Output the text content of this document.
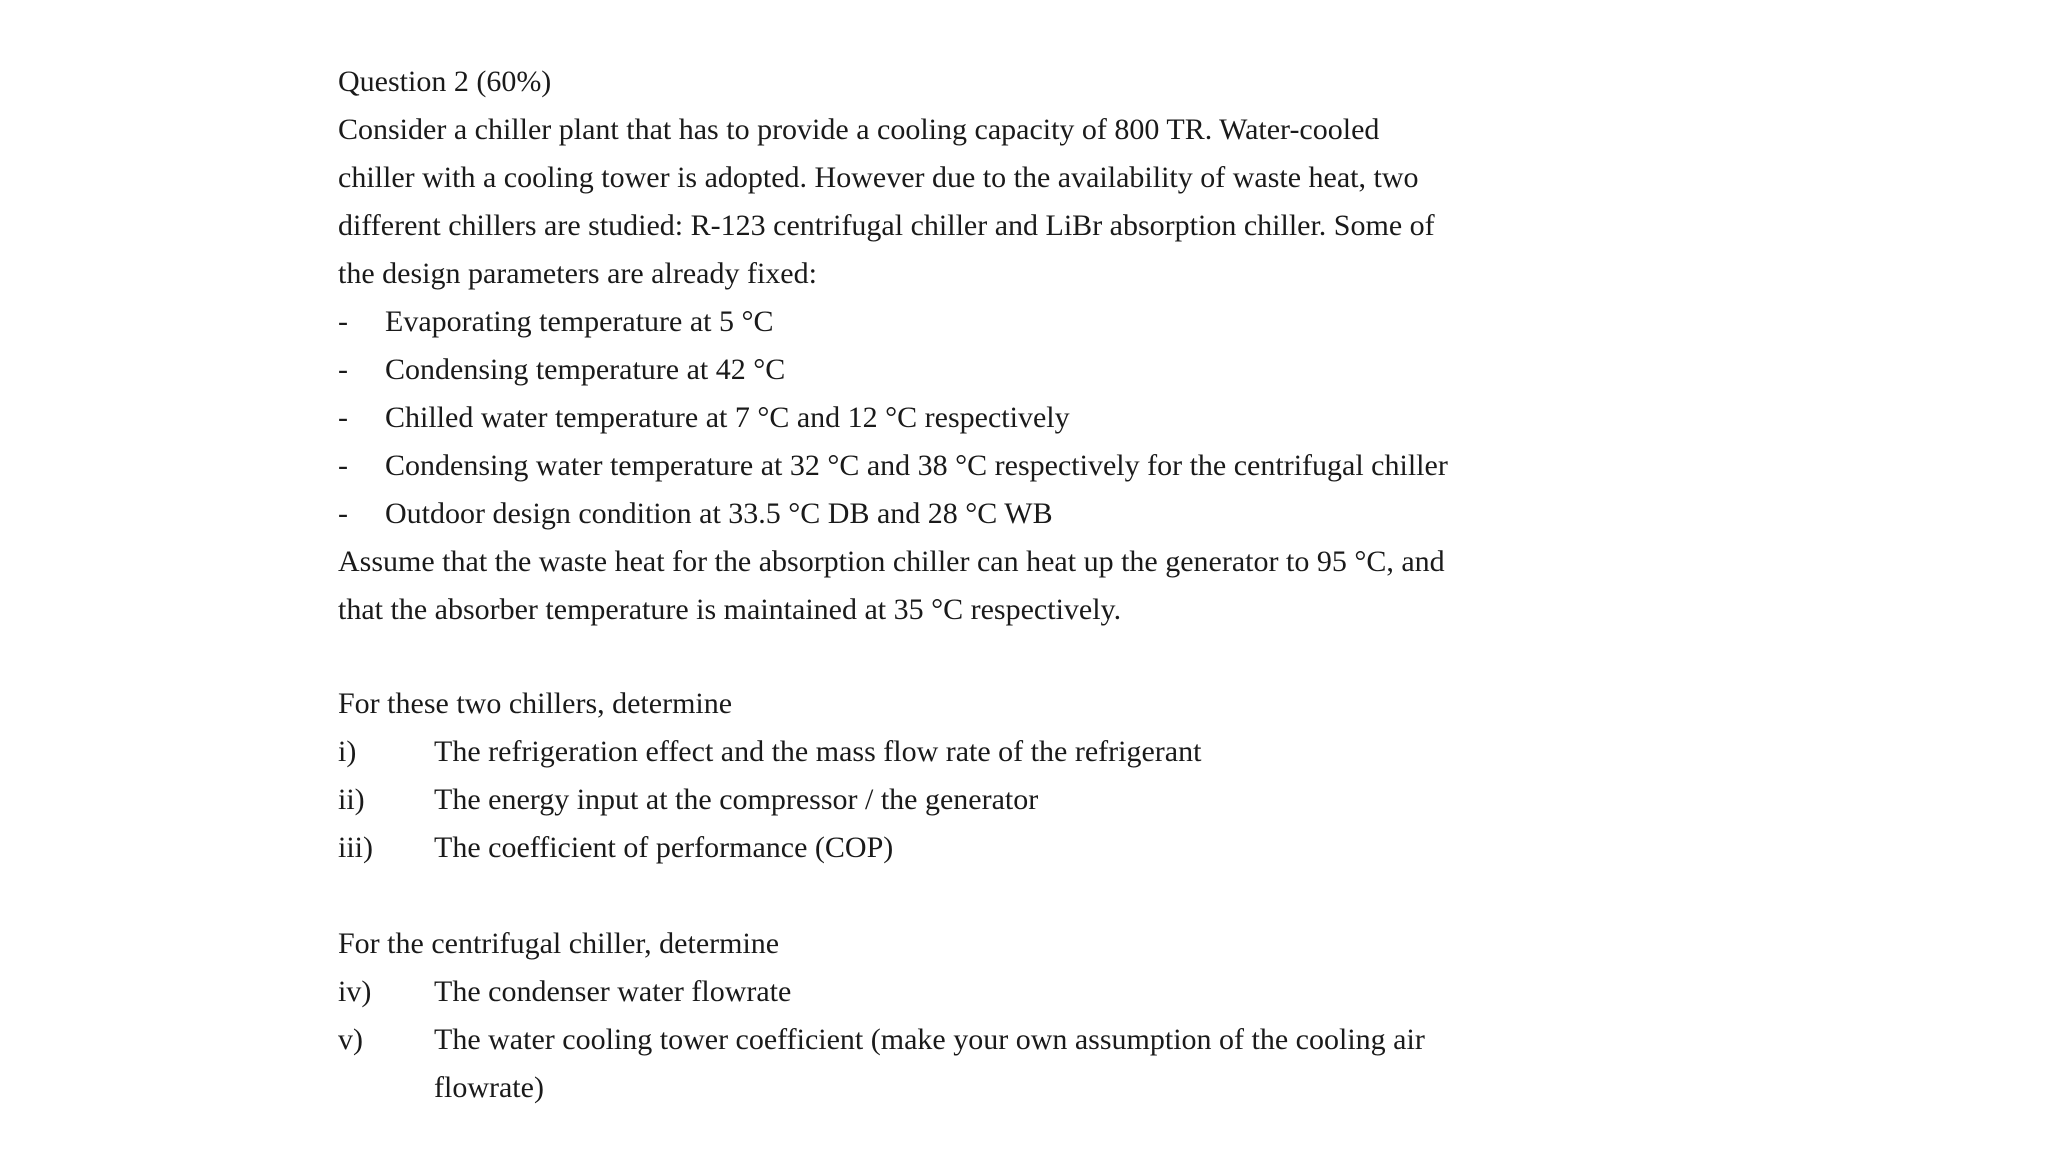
Question 2 (60%)
Consider a chiller plant that has to provide a cooling capacity of 800 TR. Water-cooled
chiller with a cooling tower is adopted. However due to the availability of waste heat, two
different chillers are studied: R-123 centrifugal chiller and LiBr absorption chiller. Some of
the design parameters are already fixed:
- Evaporating temperature at 5 °C
- Condensing temperature at 42 °C
- Chilled water temperature at 7 °C and 12 °C respectively
- Condensing water temperature at 32 °C and 38 °C respectively for the centrifugal chiller
- Outdoor design condition at 33.5 °C DB and 28 °C WB
Assume that the waste heat for the absorption chiller can heat up the generator to 95 °C, and
that the absorber temperature is maintained at 35 °C respectively.
For these two chillers, determine
i)	The refrigeration effect and the mass flow rate of the refrigerant
ii) The energy input at the compressor / the generator
iii) The coefficient of performance (COP)
For the centrifugal chiller, determine
iv) The condenser water flowrate
v) The water cooling tower coefficient (make your own assumption of the cooling air
flowrate)
